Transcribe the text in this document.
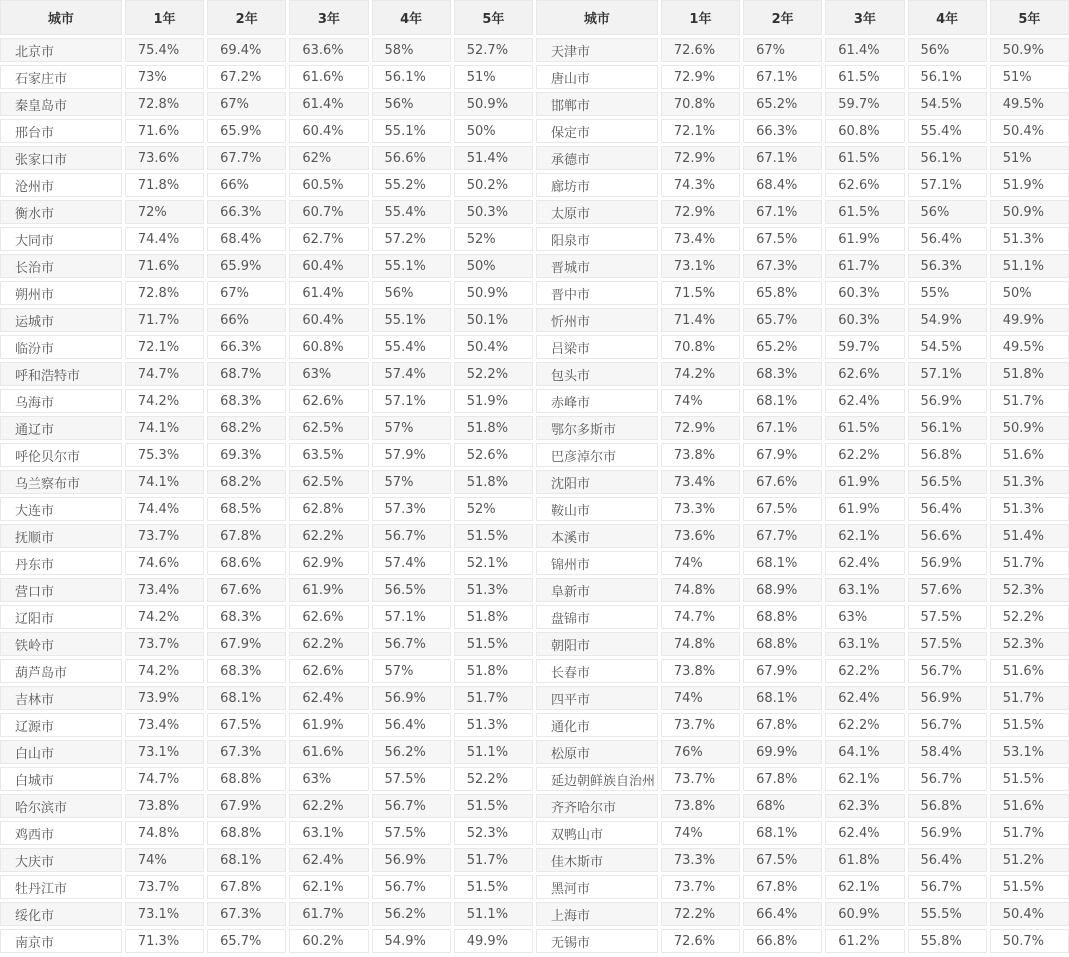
城市	1年	2年	3年	4年	5年	城市	1年	2年	3年	4年	5年
北京市	75.4%	69.4%	63.6%	58%	52.7%	天津市	72.6%	67%	61.4%	56%	50.9%
石家庄市	73%	67.2%	61.6%	56.1%	51%	唐山市	72.9%	67.1%	61.5%	56.1%	51%
秦皇岛市	72.8%	67%	61.4%	56%	50.9%	邯郸市	70.8%	65.2%	59.7%	54.5%	49.5%
邢台市	71.6%	65.9%	60.4%	55.1%	50%	保定市	72.1%	66.3%	60.8%	55.4%	50.4%
张家口市	73.6%	67.7%	62%	56.6%	51.4%	承德市	72.9%	67.1%	61.5%	56.1%	51%
沧州市	71.8%	66%	60.5%	55.2%	50.2%	廊坊市	74.3%	68.4%	62.6%	57.1%	51.9%
衡水市	72%	66.3%	60.7%	55.4%	50.3%	太原市	72.9%	67.1%	61.5%	56%	50.9%
大同市	74.4%	68.4%	62.7%	57.2%	52%	阳泉市	73.4%	67.5%	61.9%	56.4%	51.3%
长治市	71.6%	65.9%	60.4%	55.1%	50%	晋城市	73.1%	67.3%	61.7%	56.3%	51.1%
朔州市	72.8%	67%	61.4%	56%	50.9%	晋中市	71.5%	65.8%	60.3%	55%	50%
运城市	71.7%	66%	60.4%	55.1%	50.1%	忻州市	71.4%	65.7%	60.3%	54.9%	49.9%
临汾市	72.1%	66.3%	60.8%	55.4%	50.4%	吕梁市	70.8%	65.2%	59.7%	54.5%	49.5%
呼和浩特市	74.7%	68.7%	63%	57.4%	52.2%	包头市	74.2%	68.3%	62.6%	57.1%	51.8%
乌海市	74.2%	68.3%	62.6%	57.1%	51.9%	赤峰市	74%	68.1%	62.4%	56.9%	51.7%
通辽市	74.1%	68.2%	62.5%	57%	51.8%	鄂尔多斯市	72.9%	67.1%	61.5%	56.1%	50.9%
呼伦贝尔市	75.3%	69.3%	63.5%	57.9%	52.6%	巴彦淖尔市	73.8%	67.9%	62.2%	56.8%	51.6%
乌兰察布市	74.1%	68.2%	62.5%	57%	51.8%	沈阳市	73.4%	67.6%	61.9%	56.5%	51.3%
大连市	74.4%	68.5%	62.8%	57.3%	52%	鞍山市	73.3%	67.5%	61.9%	56.4%	51.3%
抚顺市	73.7%	67.8%	62.2%	56.7%	51.5%	本溪市	73.6%	67.7%	62.1%	56.6%	51.4%
丹东市	74.6%	68.6%	62.9%	57.4%	52.1%	锦州市	74%	68.1%	62.4%	56.9%	51.7%
营口市	73.4%	67.6%	61.9%	56.5%	51.3%	阜新市	74.8%	68.9%	63.1%	57.6%	52.3%
辽阳市	74.2%	68.3%	62.6%	57.1%	51.8%	盘锦市	74.7%	68.8%	63%	57.5%	52.2%
铁岭市	73.7%	67.9%	62.2%	56.7%	51.5%	朝阳市	74.8%	68.8%	63.1%	57.5%	52.3%
葫芦岛市	74.2%	68.3%	62.6%	57%	51.8%	长春市	73.8%	67.9%	62.2%	56.7%	51.6%
吉林市	73.9%	68.1%	62.4%	56.9%	51.7%	四平市	74%	68.1%	62.4%	56.9%	51.7%
辽源市	73.4%	67.5%	61.9%	56.4%	51.3%	通化市	73.7%	67.8%	62.2%	56.7%	51.5%
白山市	73.1%	67.3%	61.6%	56.2%	51.1%	松原市	76%	69.9%	64.1%	58.4%	53.1%
白城市	74.7%	68.8%	63%	57.5%	52.2%	延边朝鲜族自治州	73.7%	67.8%	62.1%	56.7%	51.5%
哈尔滨市	73.8%	67.9%	62.2%	56.7%	51.5%	齐齐哈尔市	73.8%	68%	62.3%	56.8%	51.6%
鸡西市	74.8%	68.8%	63.1%	57.5%	52.3%	双鸭山市	74%	68.1%	62.4%	56.9%	51.7%
大庆市	74%	68.1%	62.4%	56.9%	51.7%	佳木斯市	73.3%	67.5%	61.8%	56.4%	51.2%
牡丹江市	73.7%	67.8%	62.1%	56.7%	51.5%	黑河市	73.7%	67.8%	62.1%	56.7%	51.5%
绥化市	73.1%	67.3%	61.7%	56.2%	51.1%	上海市	72.2%	66.4%	60.9%	55.5%	50.4%
南京市	71.3%	65.7%	60.2%	54.9%	49.9%	无锡市	72.6%	66.8%	61.2%	55.8%	50.7%
